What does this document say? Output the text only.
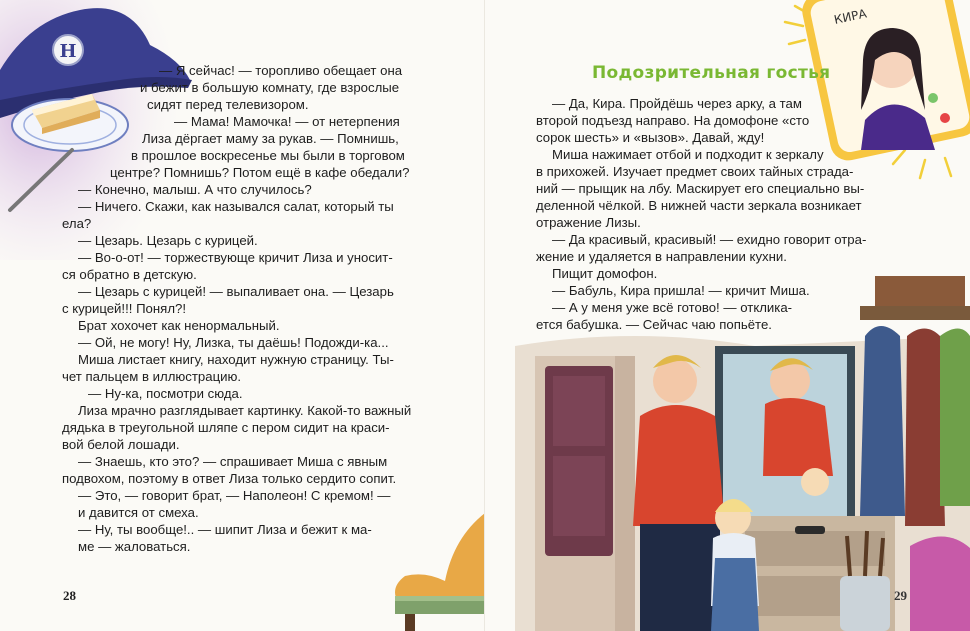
Н

— Я сейчас! — торопливо обещает она

и бежит в большую комнату, где взрослые

сидят перед телевизором.

— Мама! Мамочка! — от нетерпения

Лиза дёргает маму за рукав. — Помнишь,

в прошлое воскресенье мы были в торговом

центре? Помнишь? Потом ещё в кафе обедали?

— Конечно, малыш. А что случилось?

— Ничего. Скажи, как назывался салат, который ты

ела?

— Цезарь. Цезарь с курицей.

— Во-о-от! — торжествующе кричит Лиза и уносит-

ся обратно в детскую.

— Цезарь с курицей! — выпаливает она. — Цезарь

с курицей!!! Понял?!

Брат хохочет как ненормальный.

— Ой, не могу! Ну, Лизка, ты даёшь! Подожди-ка...

Миша листает книгу, находит нужную страницу. Ты-

чет пальцем в иллюстрацию.

— Ну-ка, посмотри сюда.

Лиза мрачно разглядывает картинку. Какой-то важный

дядька в треугольной шляпе с пером сидит на краси-

вой белой лошади.

— Знаешь, кто это? — спрашивает Миша с явным

подвохом, поэтому в ответ Лиза только сердито сопит.

— Это, — говорит брат, — Наполеон! С кремом! —

и давится от смеха.

— Ну, ты вообще!.. — шипит Лиза и бежит к ма-

ме — жаловаться.

28
КИРА
Подозрительная гостья

— Да, Кира. Пройдёшь через арку, а там

второй подъезд направо. На домофоне «сто

сорок шесть» и «вызов». Давай, жду!

Миша нажимает отбой и подходит к зеркалу

в прихожей. Изучает предмет своих тайных страда-

ний — прыщик на лбу. Маскирует его специально вы-

деленной чёлкой. В нижней части зеркала возникает

отражение Лизы.

— Да красивый, красивый! — ехидно говорит отра-

жение и удаляется в направлении кухни.

Пищит домофон.

— Бабуль, Кира пришла! — кричит Миша.

— А у меня уже всё готово! — отклика-

ется бабушка. — Сейчас чаю попьёте.

29
